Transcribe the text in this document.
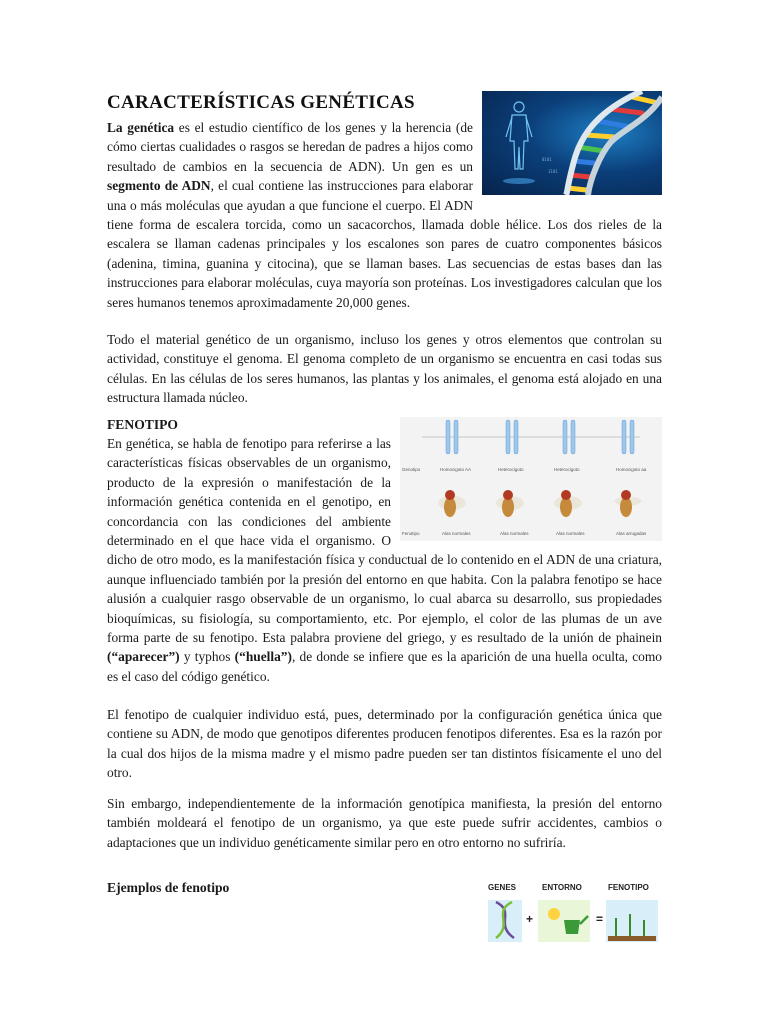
CARACTERÍSTICAS GENÉTICAS
0101
1101

La genética es el estudio científico de los genes y la herencia (de cómo ciertas cualidades o rasgos se heredan de padres a hijos como resultado de cambios en la secuencia de ADN). Un gen es un segmento de ADN, el cual contiene las instrucciones para elaborar una o más moléculas que ayudan a que funcione el cuerpo. El ADN tiene forma de escalera torcida, como un sacacorchos, llamada doble hélice. Los dos rieles de la escalera se llaman cadenas principales y los escalones son pares de cuatro componentes básicos (adenina, timina, guanina y citocina), que se llaman bases. Las secuencias de estas bases dan las instrucciones para elaborar moléculas, cuya mayoría son proteínas. Los investigadores calculan que los seres humanos tenemos aproximadamente 20,000 genes.

Todo el material genético de un organismo, incluso los genes y otros elementos que controlan su actividad, constituye el genoma. El genoma completo de un organismo se encuentra en casi todas sus células. En las células de los seres humanos, las plantas y los animales, el genoma está alojado en una estructura llamada núcleo.

FENOTIPO
Genotipo
Fenotipo
Homocigoto AA	Heterocigoto	Heterocigoto	Homocigoto aa
Alas normales	Alas normales	Alas normales	Alas arrugadas

En genética, se habla de fenotipo para referirse a las características físicas observables de un organismo, producto de la expresión o manifestación de la información genética contenida en el genotipo, en concordancia con las condiciones del ambiente determinado en el que hace vida el organismo. O dicho de otro modo, es la manifestación física y conductual de lo contenido en el ADN de una criatura, aunque influenciado también por la presión del entorno en que habita. Con la palabra fenotipo se hace alusión a cualquier rasgo observable de un organismo, lo cual abarca su desarrollo, sus propiedades bioquímicas, su fisiología, su comportamiento, etc. Por ejemplo, el color de las plumas de un ave forma parte de su fenotipo. Esta palabra proviene del griego, y es resultado de la unión de phainein (“aparecer”) y typhos (“huella”), de donde se infiere que es la aparición de una huella oculta, como es el caso del código genético.

El fenotipo de cualquier individuo está, pues, determinado por la configuración genética única que contiene su ADN, de modo que genotipos diferentes producen fenotipos diferentes. Esa es la razón por la cual dos hijos de la misma madre y el mismo padre pueden ser tan distintos físicamente el uno del otro.

Sin embargo, independientemente de la información genotípica manifiesta, la presión del entorno también moldeará el fenotipo de un organismo, ya que este puede sufrir accidentes, cambios o adaptaciones que un individuo genéticamente similar pero en otro entorno no sufriría.

Ejemplos de fenotipo	GENES	ENTORNO	FENOTIPO
+	=
